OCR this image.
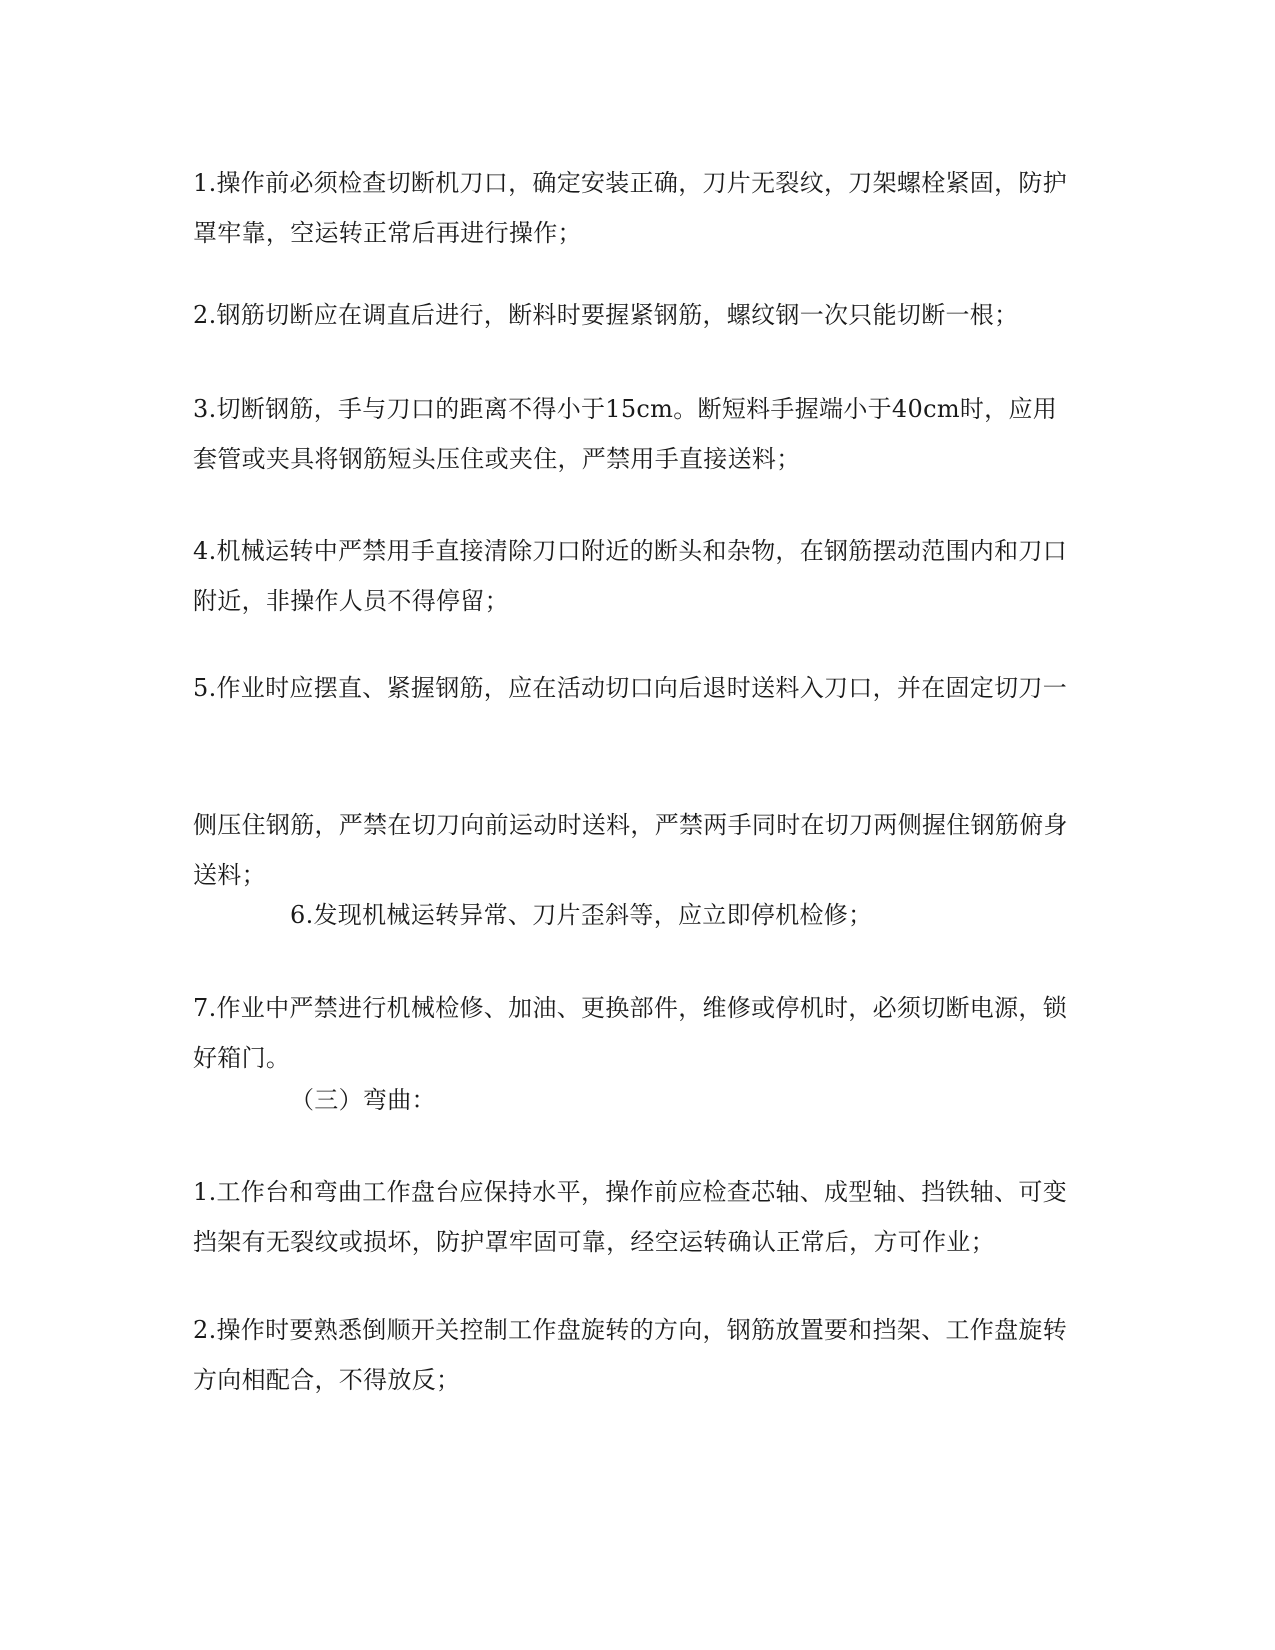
1.操作前必须检查切断机刀口，确定安装正确，刀片无裂纹，刀架螺栓紧固，防护罩牢靠，空运转正常后再进行操作；

2.钢筋切断应在调直后进行，断料时要握紧钢筋，螺纹钢一次只能切断一根；

3.切断钢筋，手与刀口的距离不得小于15cm。断短料手握端小于40cm时，应用套管或夹具将钢筋短头压住或夹住，严禁用手直接送料；

4.机械运转中严禁用手直接清除刀口附近的断头和杂物，在钢筋摆动范围内和刀口附近，非操作人员不得停留；

5.作业时应摆直、紧握钢筋，应在活动切口向后退时送料入刀口，并在固定切刀一

侧压住钢筋，严禁在切刀向前运动时送料，严禁两手同时在切刀两侧握住钢筋俯身送料；

6.发现机械运转异常、刀片歪斜等，应立即停机检修；

7.作业中严禁进行机械检修、加油、更换部件，维修或停机时，必须切断电源，锁好箱门。

（三）弯曲：

1.工作台和弯曲工作盘台应保持水平，操作前应检查芯轴、成型轴、挡铁轴、可变挡架有无裂纹或损坏，防护罩牢固可靠，经空运转确认正常后，方可作业；

2.操作时要熟悉倒顺开关控制工作盘旋转的方向，钢筋放置要和挡架、工作盘旋转方向相配合，不得放反；
